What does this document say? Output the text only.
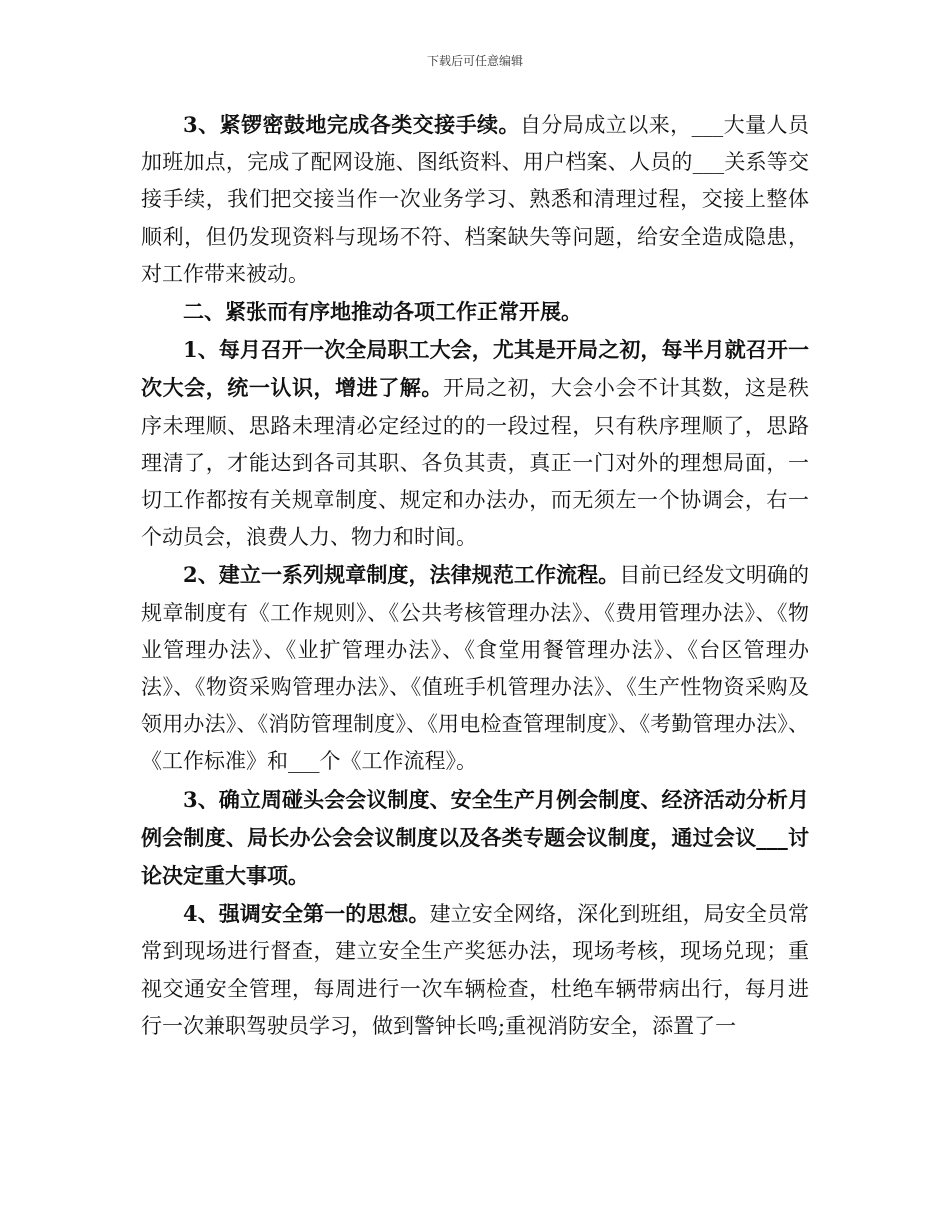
下载后可任意编辑

3、紧锣密鼓地完成各类交接手续。自分局成立以来，___大量人员加班加点，完成了配网设施、图纸资料、用户档案、人员的___关系等交接手续，我们把交接当作一次业务学习、熟悉和清理过程，交接上整体顺利，但仍发现资料与现场不符、档案缺失等问题，给安全造成隐患，对工作带来被动。

二、紧张而有序地推动各项工作正常开展。

1、每月召开一次全局职工大会，尤其是开局之初，每半月就召开一次大会，统一认识，增进了解。开局之初，大会小会不计其数，这是秩序未理顺、思路未理清必定经过的的一段过程，只有秩序理顺了，思路理清了，才能达到各司其职、各负其责，真正一门对外的理想局面，一切工作都按有关规章制度、规定和办法办，而无须左一个协调会，右一个动员会，浪费人力、物力和时间。

2、建立一系列规章制度，法律规范工作流程。目前已经发文明确的规章制度有《工作规则》、《公共考核管理办法》、《费用管理办法》、《物业管理办法》、《业扩管理办法》、《食堂用餐管理办法》、《台区管理办法》、《物资采购管理办法》、《值班手机管理办法》、《生产性物资采购及领用办法》、《消防管理制度》、《用电检查管理制度》、《考勤管理办法》、《工作标准》和___个《工作流程》。

3、确立周碰头会会议制度、安全生产月例会制度、经济活动分析月例会制度、局长办公会会议制度以及各类专题会议制度，通过会议___讨论决定重大事项。

4、强调安全第一的思想。建立安全网络，深化到班组，局安全员常常到现场进行督查，建立安全生产奖惩办法，现场考核，现场兑现；重视交通安全管理，每周进行一次车辆检查，杜绝车辆带病出行，每月进行一次兼职驾驶员学习，做到警钟长鸣;重视消防安全，添置了一
